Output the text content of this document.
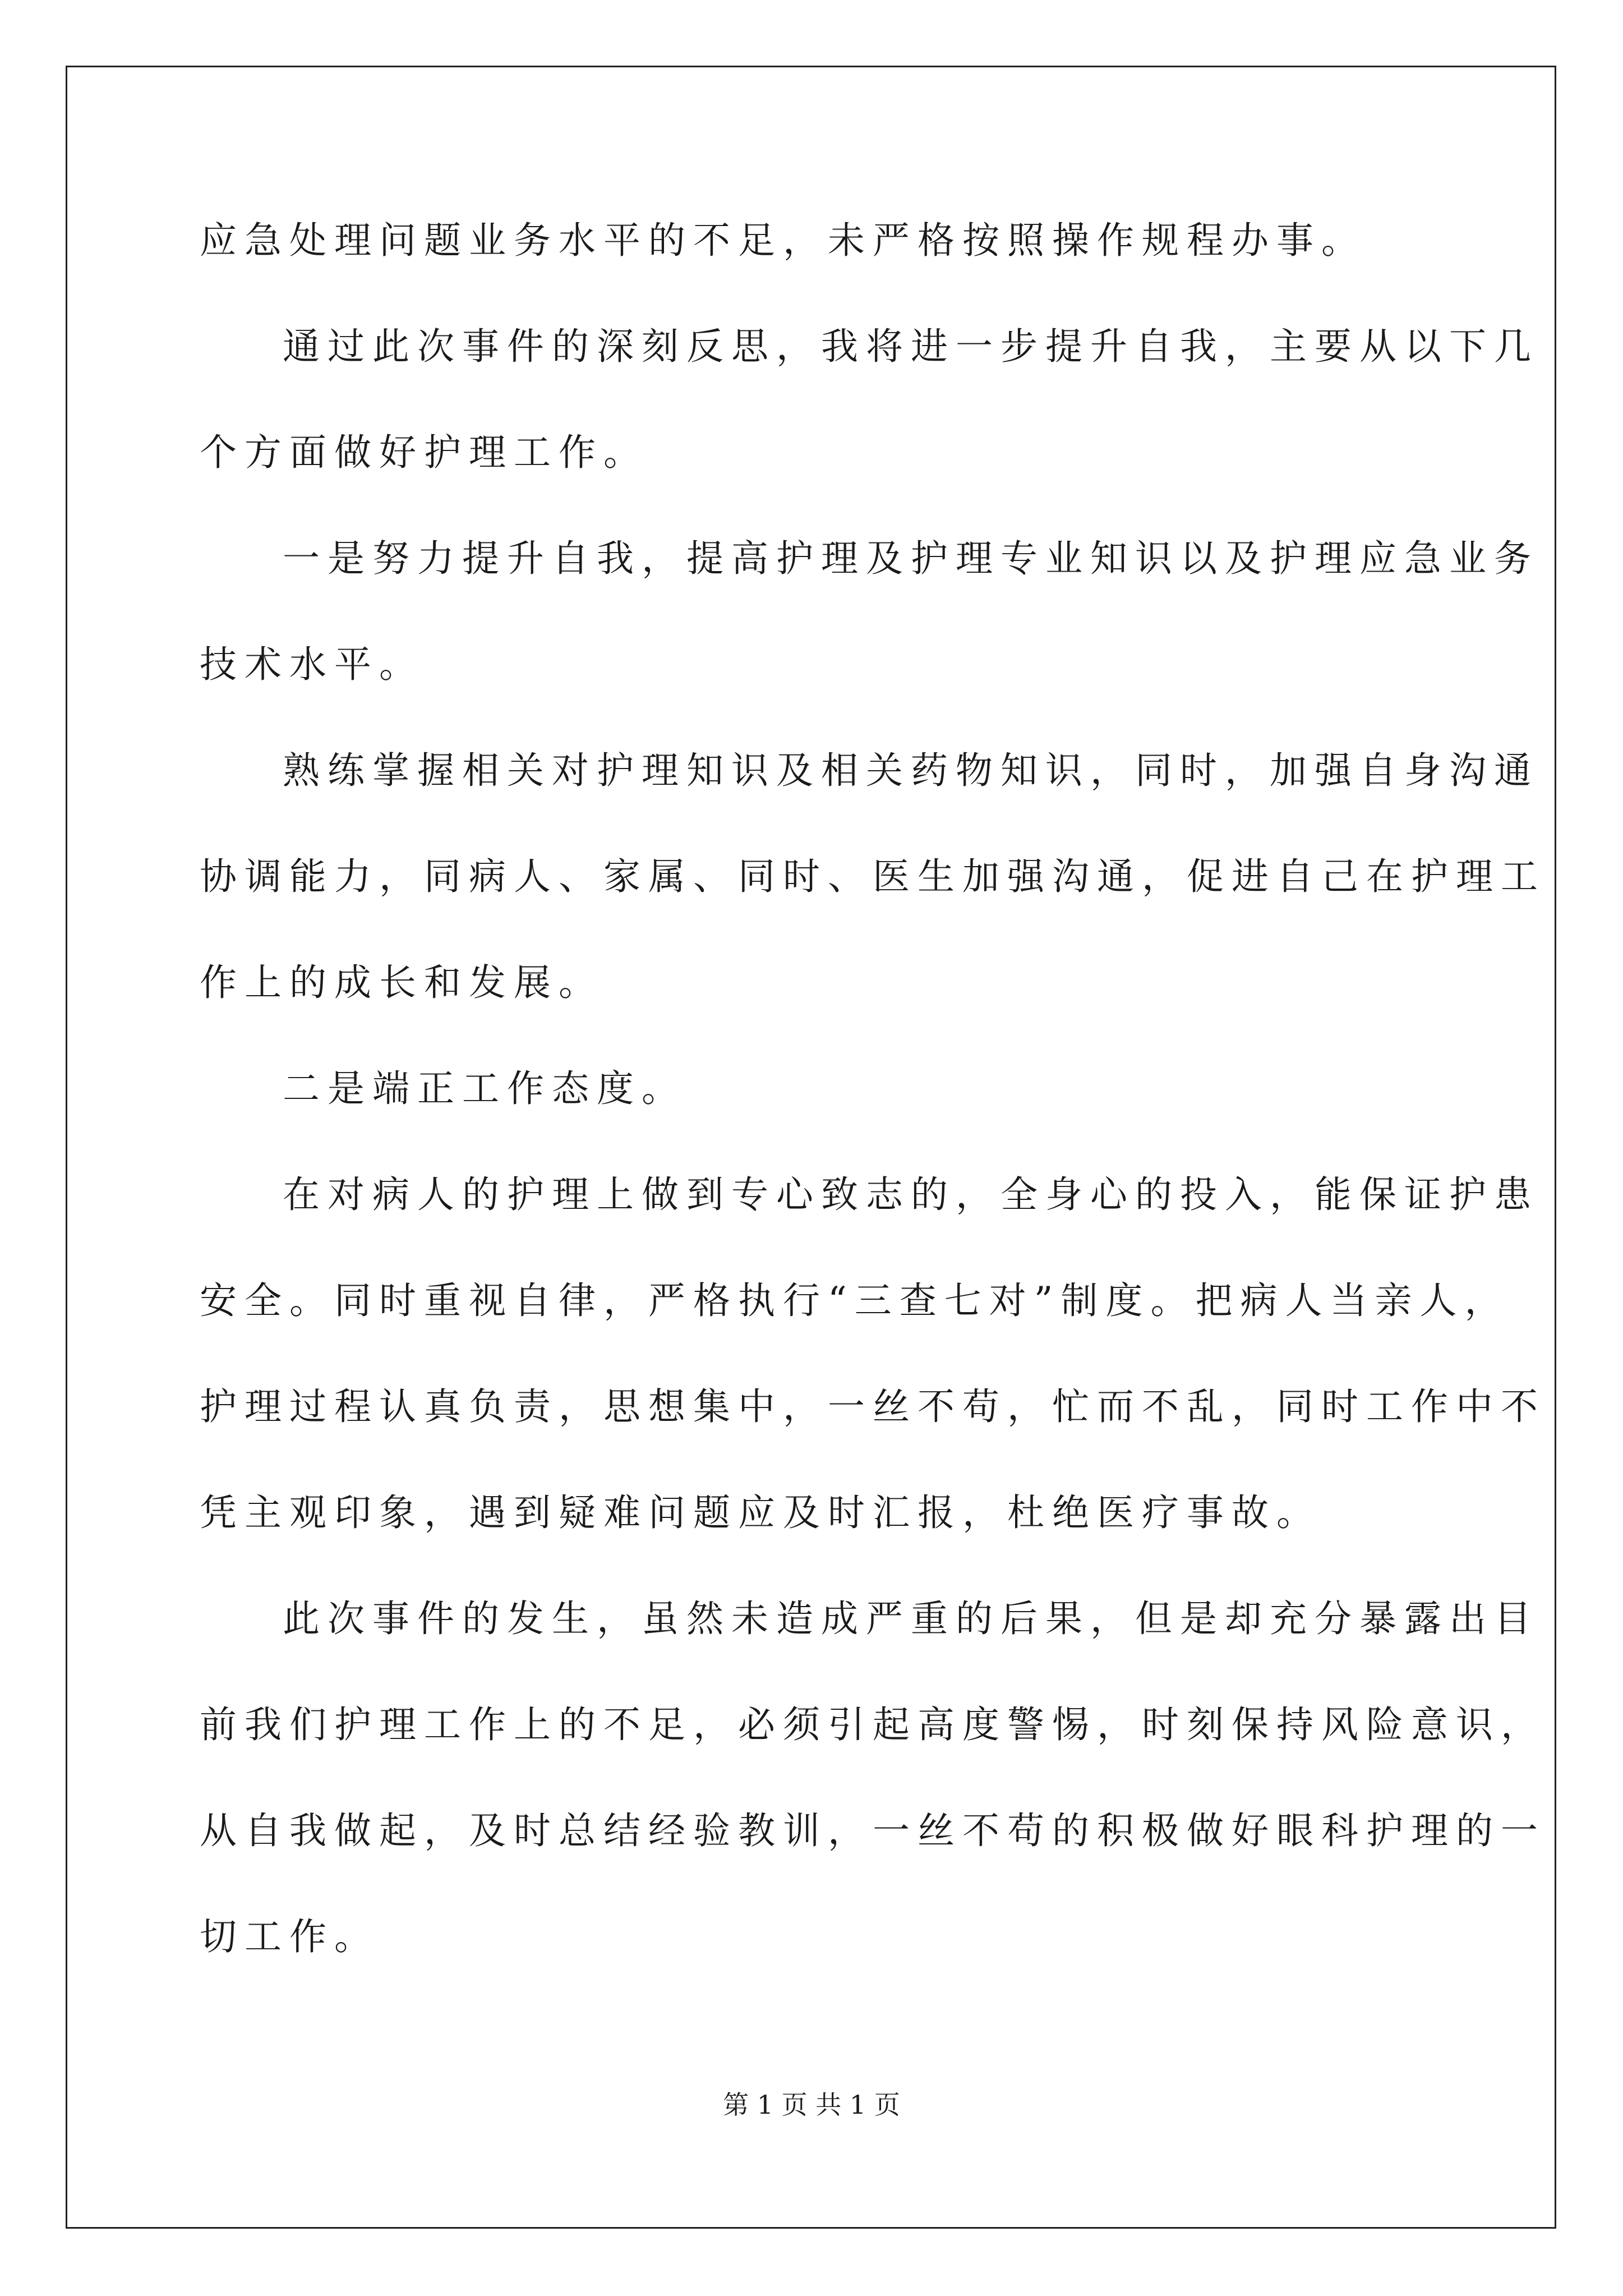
应急处理问题业务水平的不足，未严格按照操作规程办事。
通过此次事件的深刻反思，我将进一步提升自我，主要从以下几
个方面做好护理工作。
一是努力提升自我，提高护理及护理专业知识以及护理应急业务
技术水平。
熟练掌握相关对护理知识及相关药物知识，同时，加强自身沟通
协调能力，同病人、家属、同时、医生加强沟通，促进自己在护理工
作上的成长和发展。
二是端正工作态度。
在对病人的护理上做到专心致志的，全身心的投入，能保证护患
安全。同时重视自律，严格执行“三查七对”制度。把病人当亲人，
护理过程认真负责，思想集中，一丝不苟，忙而不乱，同时工作中不
凭主观印象，遇到疑难问题应及时汇报，杜绝医疗事故。
此次事件的发生，虽然未造成严重的后果，但是却充分暴露出目
前我们护理工作上的不足，必须引起高度警惕，时刻保持风险意识，
从自我做起，及时总结经验教训，一丝不苟的积极做好眼科护理的一
切工作。
第 1 页 共 1 页
